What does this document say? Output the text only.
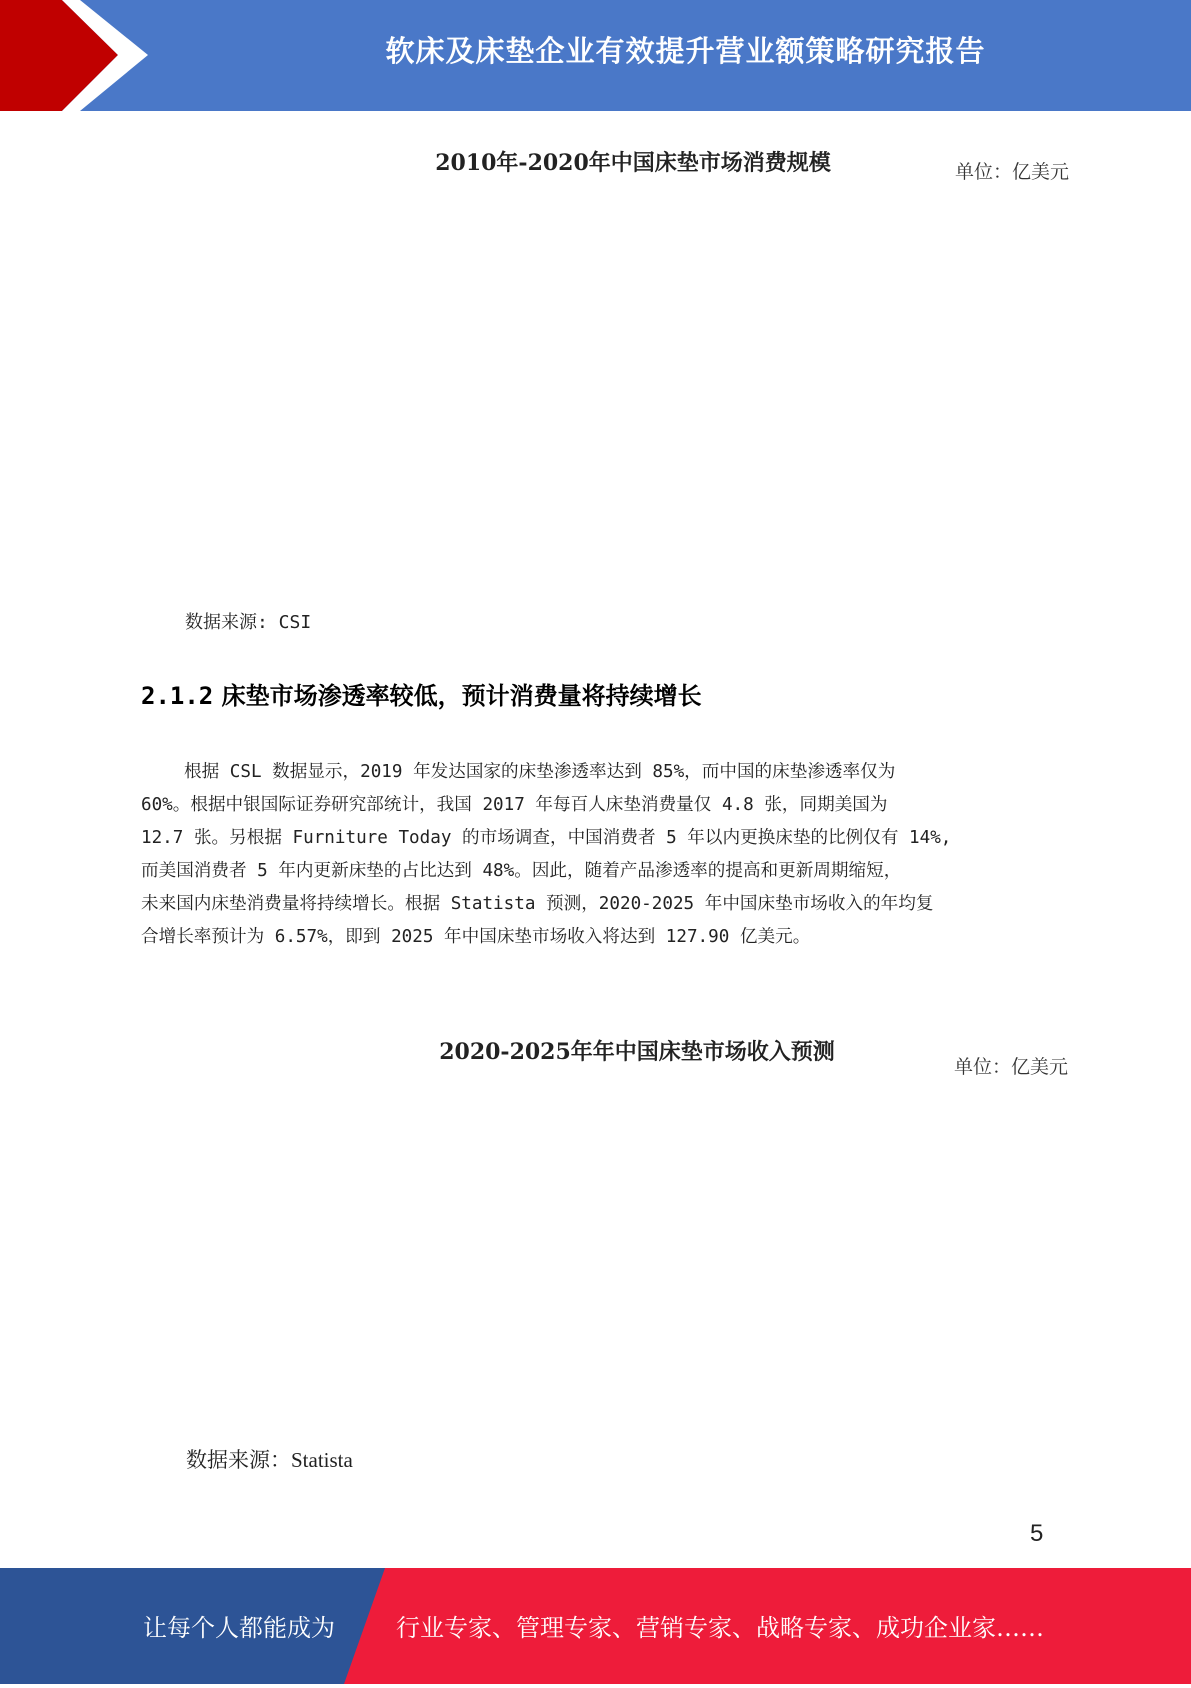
软床及床垫企业有效提升营业额策略研究报告
2010年-2020年中国床垫市场消费规模	单位：亿美元
数据来源: CSI
2.1.2 床垫市场渗透率较低，预计消费量将持续增长
根据 CSL 数据显示，2019 年发达国家的床垫渗透率达到 85%，而中国的床垫渗透率仅为
60%。根据中银国际证券研究部统计，我国 2017 年每百人床垫消费量仅 4.8 张，同期美国为
12.7 张。另根据 Furniture Today 的市场调查，中国消费者 5 年以内更换床垫的比例仅有 14%,
而美国消费者 5 年内更新床垫的占比达到 48%。因此，随着产品渗透率的提高和更新周期缩短，
未来国内床垫消费量将持续增长。根据 Statista 预测，2020-2025 年中国床垫市场收入的年均复
合增长率预计为 6.57%，即到 2025 年中国床垫市场收入将达到 127.90 亿美元。
2020-2025年年中国床垫市场收入预测
单位：亿美元
数据来源：Statista
5
让每个人都能成为	行业专家、管理专家、营销专家、战略专家、成功企业家……
